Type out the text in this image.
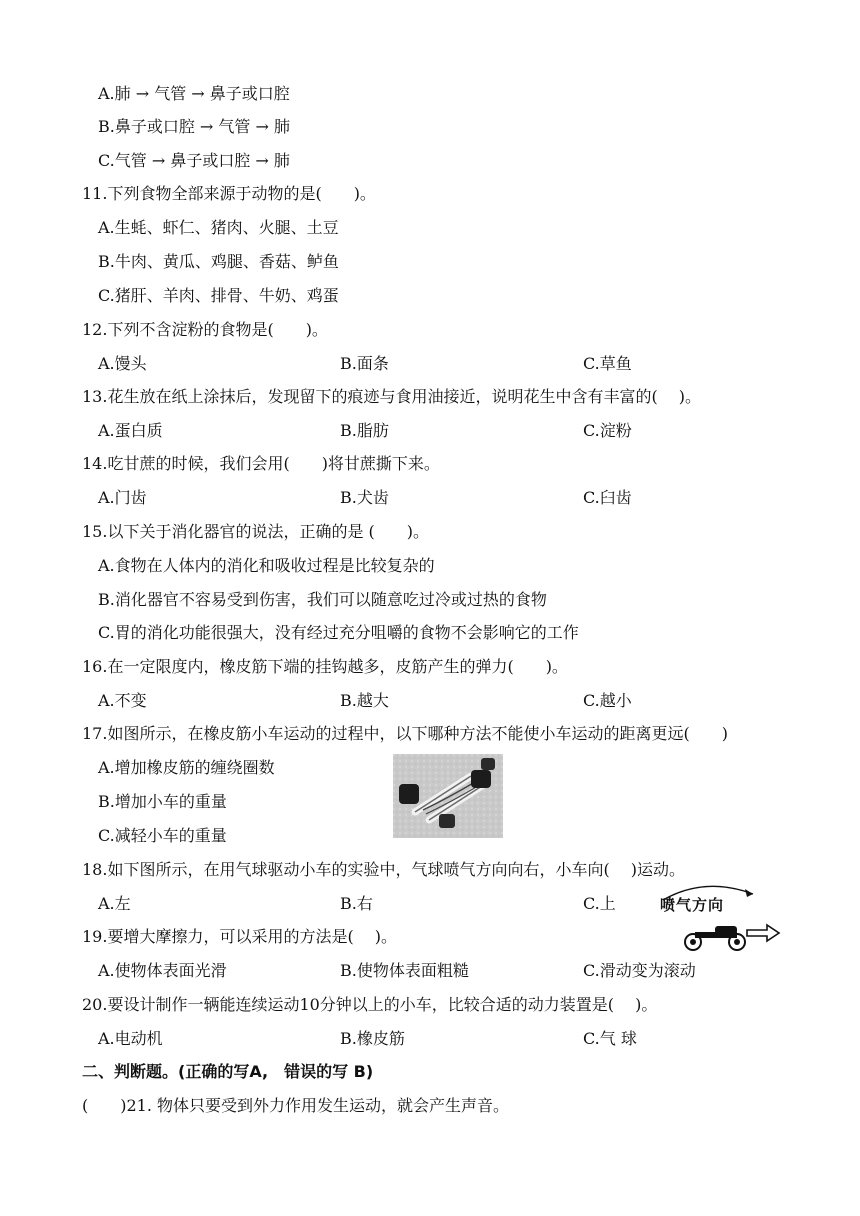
A.肺 → 气管 → 鼻子或口腔
B.鼻子或口腔 → 气管 → 肺
C.气管 → 鼻子或口腔 → 肺
11.下列食物全部来源于动物的是(　　)。
A.生蚝、虾仁、猪肉、火腿、土豆
B.牛肉、黄瓜、鸡腿、香菇、鲈鱼
C.猪肝、羊肉、排骨、牛奶、鸡蛋
12.下列不含淀粉的食物是(　　)。
A.馒头	B.面条	C.草鱼
13.花生放在纸上涂抹后，发现留下的痕迹与食用油接近，说明花生中含有丰富的(　 )。
A.蛋白质	B.脂肪	C.淀粉
14.吃甘蔗的时候，我们会用(　　)将甘蔗撕下来。
A.门齿	B.犬齿	C.臼齿
15.以下关于消化器官的说法，正确的是 (　　)。
A.食物在人体内的消化和吸收过程是比较复杂的
B.消化器官不容易受到伤害，我们可以随意吃过冷或过热的食物
C.胃的消化功能很强大，没有经过充分咀嚼的食物不会影响它的工作
16.在一定限度内，橡皮筋下端的挂钩越多，皮筋产生的弹力(　　)。
A.不变	B.越大	C.越小
17.如图所示，在橡皮筋小车运动的过程中，以下哪种方法不能使小车运动的距离更远(　　)
A.增加橡皮筋的缠绕圈数
B.增加小车的重量
C.减轻小车的重量
18.如下图所示，在用气球驱动小车的实验中，气球喷气方向向右，小车向(　 )运动。
A.左	B.右	C.上	喷气方向
19.要增大摩擦力，可以采用的方法是(　 )。
A.使物体表面光滑	B.使物体表面粗糙	C.滑动变为滚动
20.要设计制作一辆能连续运动10分钟以上的小车，比较合适的动力装置是(　 )。
A.电动机	B.橡皮筋	C.气 球
二、判断题。(正确的写A,　错误的写 B)
(　　)21. 物体只要受到外力作用发生运动，就会产生声音。
